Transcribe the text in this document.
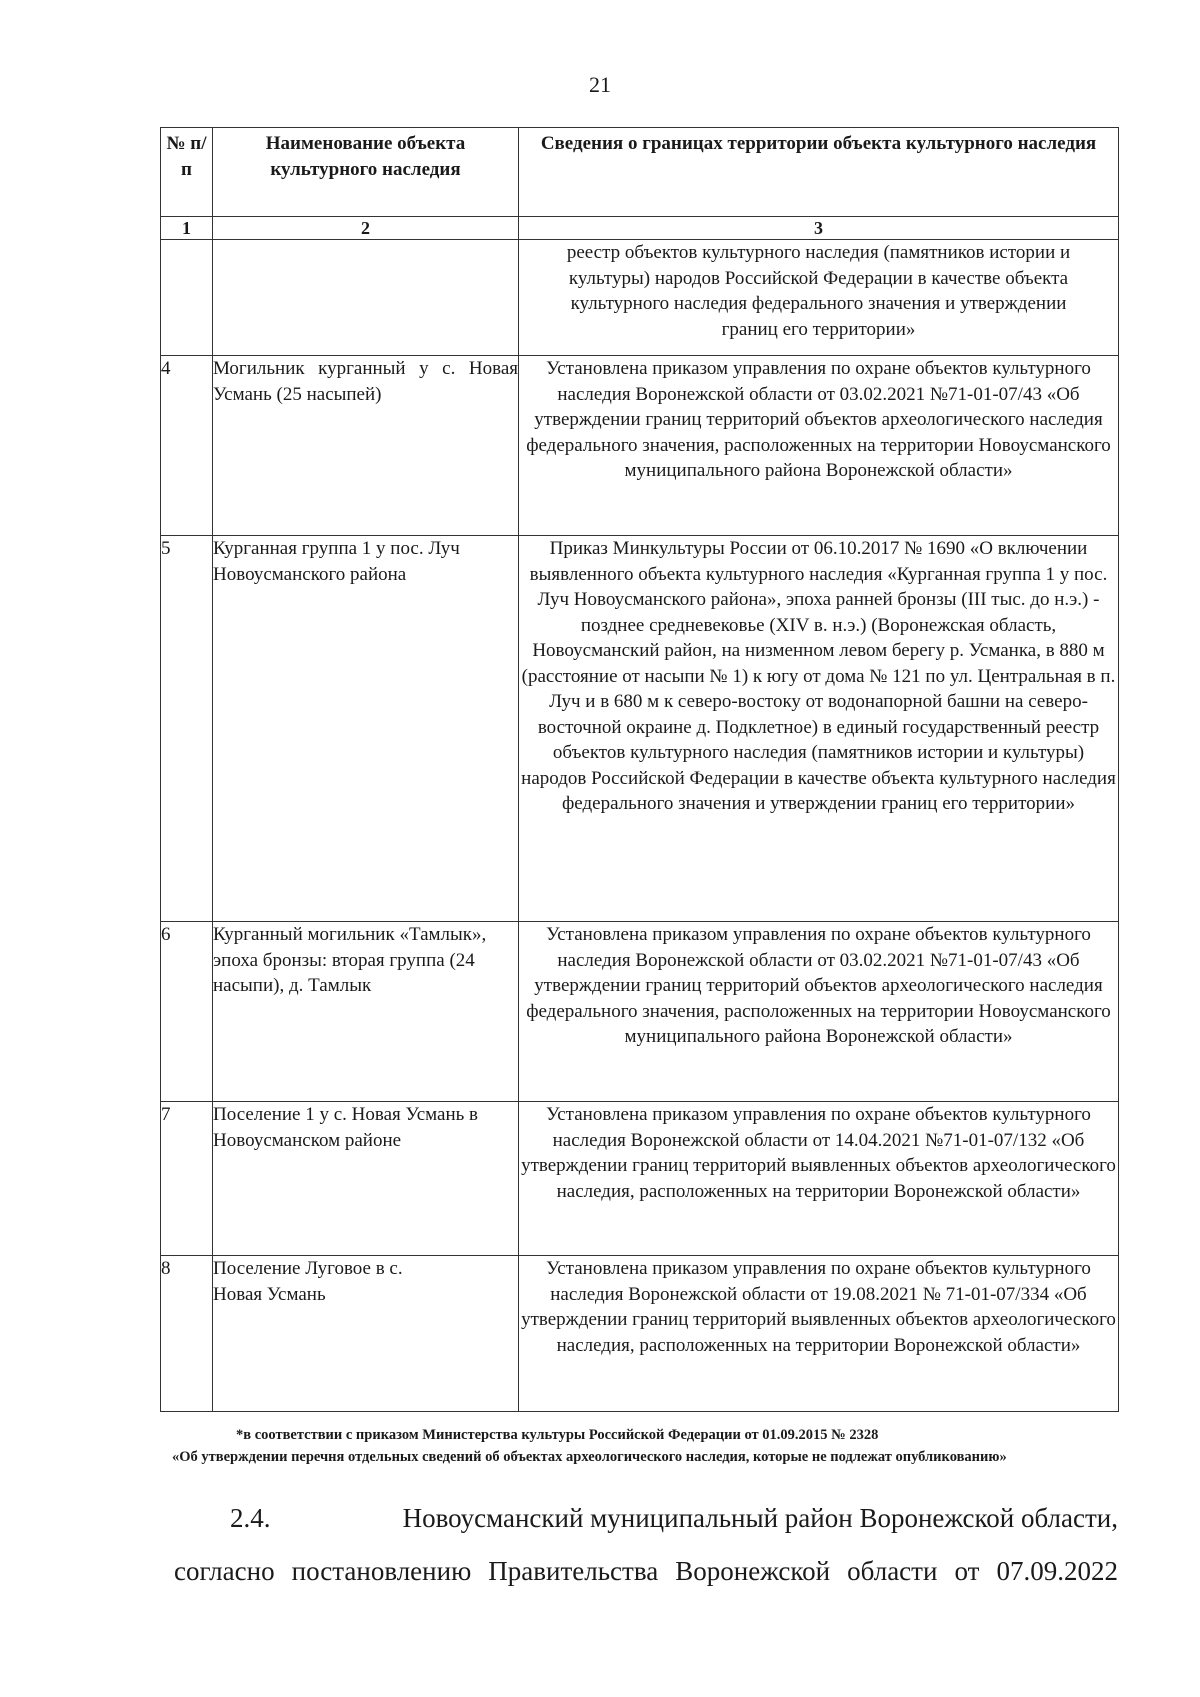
21
№ п/п	Наименование объекта культурного наследия	Сведения о границах территории объекта культурного наследия
1	2	3
		реестр объектов культурного наследия (памятников истории и культуры) народов Российской Федерации в качестве объекта культурного наследия федерального значения и утверждении границ его территории»
4	Могильник курганный у с. Новая Усмань (25 насыпей)	Установлена приказом управления по охране объектов культурного наследия Воронежской области от 03.02.2021 №71-01-07/43 «Об утверждении границ территорий объектов археологического наследия федерального значения, расположенных на территории Новоусманского муниципального района Воронежской области»
5	Курганная группа 1 у пос. Луч Новоусманского района	Приказ Минкультуры России от 06.10.2017 № 1690 «О включении выявленного объекта культурного наследия «Курганная группа 1 у пос. Луч Новоусманского района», эпоха ранней бронзы (III тыс. до н.э.) - позднее средневековье (XIV в. н.э.) (Воронежская область, Новоусманский район, на низменном левом берегу р. Усманка, в 880 м (расстояние от насыпи № 1) к югу от дома № 121 по ул. Центральная в п. Луч и в 680 м к северо-востоку от водонапорной башни на северо-восточной окраине д. Подклетное) в единый государственный реестр объектов культурного наследия (памятников истории и культуры) народов Российской Федерации в качестве объекта культурного наследия федерального значения и утверждении границ его территории»
6	Курганный могильник «Тамлык», эпоха бронзы: вторая группа (24 насыпи), д. Тамлык	Установлена приказом управления по охране объектов культурного наследия Воронежской области от 03.02.2021 №71-01-07/43 «Об утверждении границ территорий объектов археологического наследия федерального значения, расположенных на территории Новоусманского муниципального района Воронежской области»
7	Поселение 1 у с. Новая Усмань в Новоусманском районе	Установлена приказом управления по охране объектов культурного наследия Воронежской области от 14.04.2021 №71-01-07/132 «Об утверждении границ территорий выявленных объектов археологического наследия, расположенных на территории Воронежской области»
8	Поселение Луговое в с. Новая Усмань	Установлена приказом управления по охране объектов культурного наследия Воронежской области от 19.08.2021 № 71-01-07/334 «Об утверждении границ территорий выявленных объектов археологического наследия, расположенных на территории Воронежской области»

*в соответствии с приказом Министерства культуры Российской Федерации от 01.09.2015 № 2328

«Об утверждении перечня отдельных сведений об объектах археологического наследия, которые не подлежат опубликованию»

2.4.	Новоусманский муниципальный район Воронежской области,
согласно постановлению Правительства Воронежской области от 07.09.2022
